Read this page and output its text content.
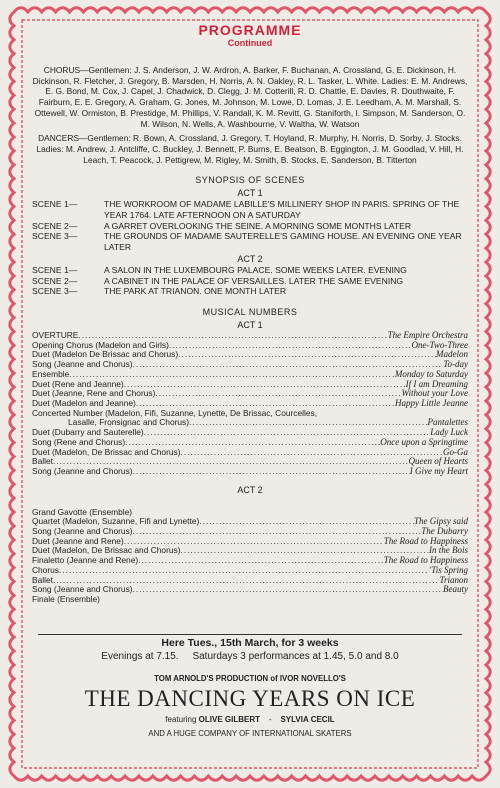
PROGRAMME
Continued
CHORUS—Gentlemen: J. S. Anderson, J. W. Ardron, A. Barker, F. Buchanan, A. Crossland, G. E. Dickinson, H. Dickinson, R. Fletcher, J. Gregory, B. Marsden, H. Norris, A. N. Oakley, R. L. Tasker, L. White. Ladies: E. M. Andrews, E. G. Bond, M. Cox, J. Capel, J. Chadwick, D. Clegg, J. M. Cotterill, R. D. Chattle, E. Davies, R. Douthwaite, F. Fairburn, E. E. Gregory, A. Graham, G. Jones, M. Johnson, M. Lowe, D. Lomas, J. E. Leedham, A. M. Marshall, S. Ottewell, W. Ormiston, B. Prestidge, M. Phillips, V. Randall, K. M. Revitt, G. Staniforth, I. Simpson, M. Sanderson, O. M. Wilson, N. Wells, A. Washbourne, V. Waltha, W. Watson
DANCERS—Gentlemen: R. Bown, A. Crossland, J. Gregory, T. Hoyland, R. Murphy, H. Norris, D. Sorby, J. Stocks. Ladies: M. Andrew, J. Antcliffe, C. Buckley, J. Bennett, P. Burns, E. Beatson, B. Eggington, J. M. Goodlad, V. Hill, H. Leach, T. Peacock, J. Pettigrew, M. Rigley, M. Smith, B. Stocks, E. Sanderson, B. Titterton
SYNOPSIS OF SCENES
ACT 1
SCENE 1—	THE WORKROOM OF MADAME LABILLE'S MILLINERY SHOP IN PARIS. SPRING OF THE YEAR 1764. LATE AFTERNOON ON A SATURDAY
SCENE 2—	A GARRET OVERLOOKING THE SEINE. A MORNING SOME MONTHS LATER
SCENE 3—	THE GROUNDS OF MADAME SAUTERELLE'S GAMING HOUSE. AN EVENING ONE YEAR LATER
ACT 2
SCENE 1—	A SALON IN THE LUXEMBOURG PALACE. SOME WEEKS LATER. EVENING
SCENE 2—	A CABINET IN THE PALACE OF VERSAILLES. LATER THE SAME EVENING
SCENE 3—	THE PARK AT TRIANON. ONE MONTH LATER
MUSICAL NUMBERS
ACT 1
OVERTURE .....	The Empire Orchestra
Opening Chorus (Madelon and Girls) .....	One-Two-Three
Duet (Madelon De Brissac and Chorus) .....	Madelon
Song (Jeanne and Chorus) .....	To-day
Ensemble .....	Monday to Saturday
Duet (Rene and Jeanne) .....	If I am Dreaming
Duet (Jeanne, Rene and Chorus) .....	Without your Love
Duet (Madelon and Jeanne) .....	Happy Little Jeanne
Concerted Number (Madelon, Fifi, Suzanne, Lynette, De Brissac, Courcelles,
Lasalle, Fronsignac and Chorus) .....	Pantalettes
Duet (Dubarry and Sauterelle) .....	Lady Luck
Song (Rene and Chorus) .....	Once upon a Springtime
Duet (Madelon, De Brissac and Chorus) .....	Go-Ga
Ballet .....	Queen of Hearts
Song (Jeanne and Chorus) .....	I Give my Heart
ACT 2
Grand Gavotte (Ensemble)
Quartet (Madelon, Suzanne, Fifi and Lynette) .....	The Gipsy said
Song (Jeanne and Chorus) .....	The Dubarry
Duet (Jeanne and Rene) .....	The Road to Happiness
Duet (Madelon, De Brissac and Chorus) .....	In the Bois
Finaletto (Jeanne and Rene) .....	The Road to Happiness
Chorus .....	'Tis Spring
Ballet .....	Trianon
Song (Jeanne and Chorus) .....	Beauty
Finale (Ensemble)
Here Tues., 15th March, for 3 weeks
Evenings at 7.15.     Saturdays 3 performances at 1.45, 5.0 and 8.0
TOM ARNOLD'S PRODUCTION of IVOR NOVELLO'S
THE DANCING YEARS ON ICE
featuring OLIVE GILBERT - SYLVIA CECIL
AND A HUGE COMPANY OF INTERNATIONAL SKATERS
